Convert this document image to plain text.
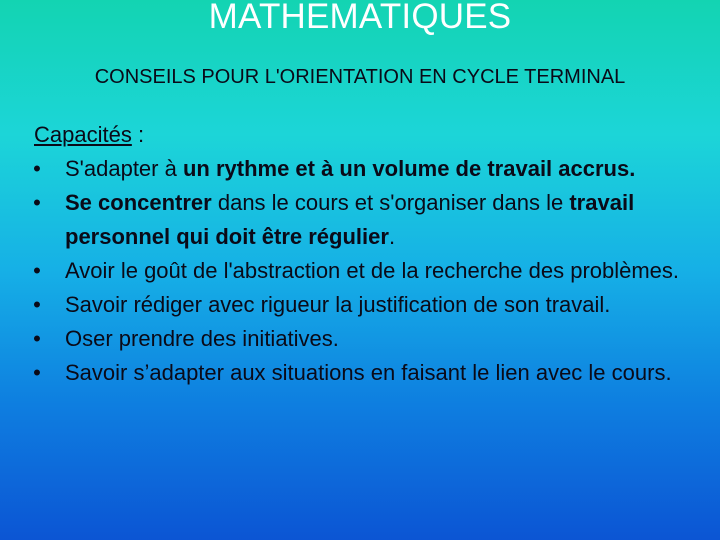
MATHEMATIQUES
CONSEILS POUR L'ORIENTATION EN CYCLE TERMINAL
Capacités :
• S'adapter à un rythme et à un volume de travail accrus.
• Se concentrer dans le cours et s'organiser dans le travail personnel qui doit être régulier.
• Avoir le goût de l'abstraction et de la recherche des problèmes.
• Savoir rédiger avec rigueur la justification de son travail.
• Oser prendre des initiatives.
• Savoir s’adapter aux situations en faisant le lien avec le cours.
